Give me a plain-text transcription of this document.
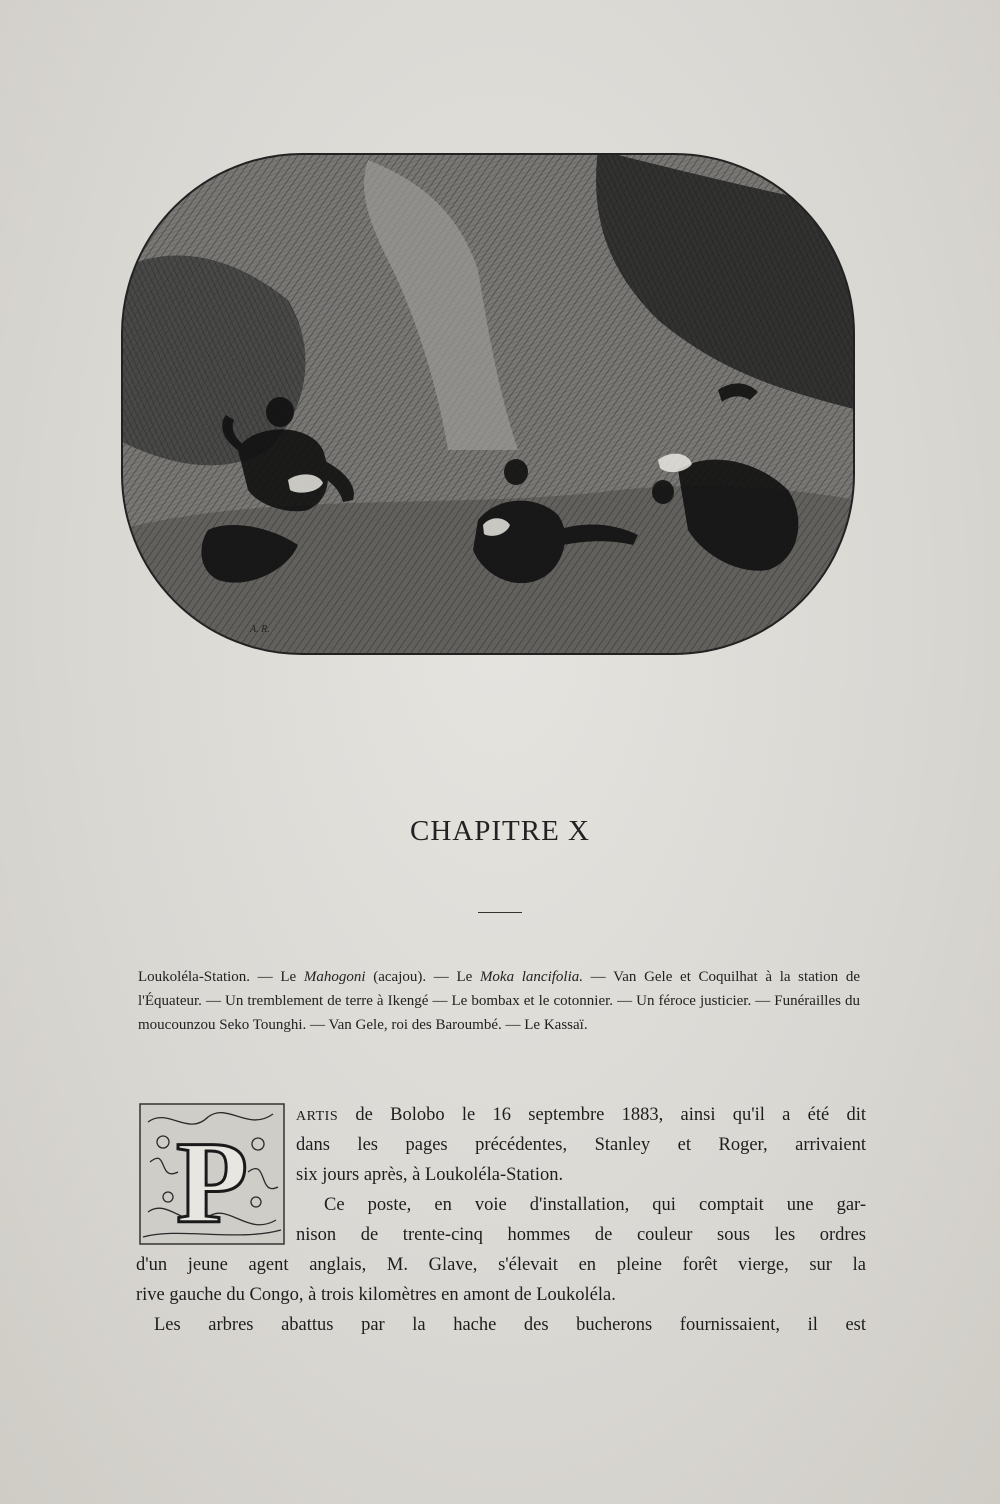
A. R.
CHAPITRE X
Loukoléla-Station. — Le Mahogoni (acajou). — Le Moka lancifolia. — Van Gele et Coquilhat à la station de l'Équateur. — Un tremblement de terre à Ikengé — Le bombax et le cotonnier. — Un féroce justicier. — Funérailles du moucounzou Seko Tounghi. — Van Gele, roi des Baroumbé. — Le Kassaï.
P
ARTIS de Bolobo le 16 septembre 1883, ainsi qu'il a été dit
dans les pages précédentes, Stanley et Roger, arrivaient
six jours après, à Loukoléla-Station.
Ce poste, en voie d'installation, qui comptait une gar-
nison de trente-cinq hommes de couleur sous les ordres
d'un jeune agent anglais, M. Glave, s'élevait en pleine forêt vierge, sur la
rive gauche du Congo, à trois kilomètres en amont de Loukoléla.
Les arbres abattus par la hache des bucherons fournissaient, il est
